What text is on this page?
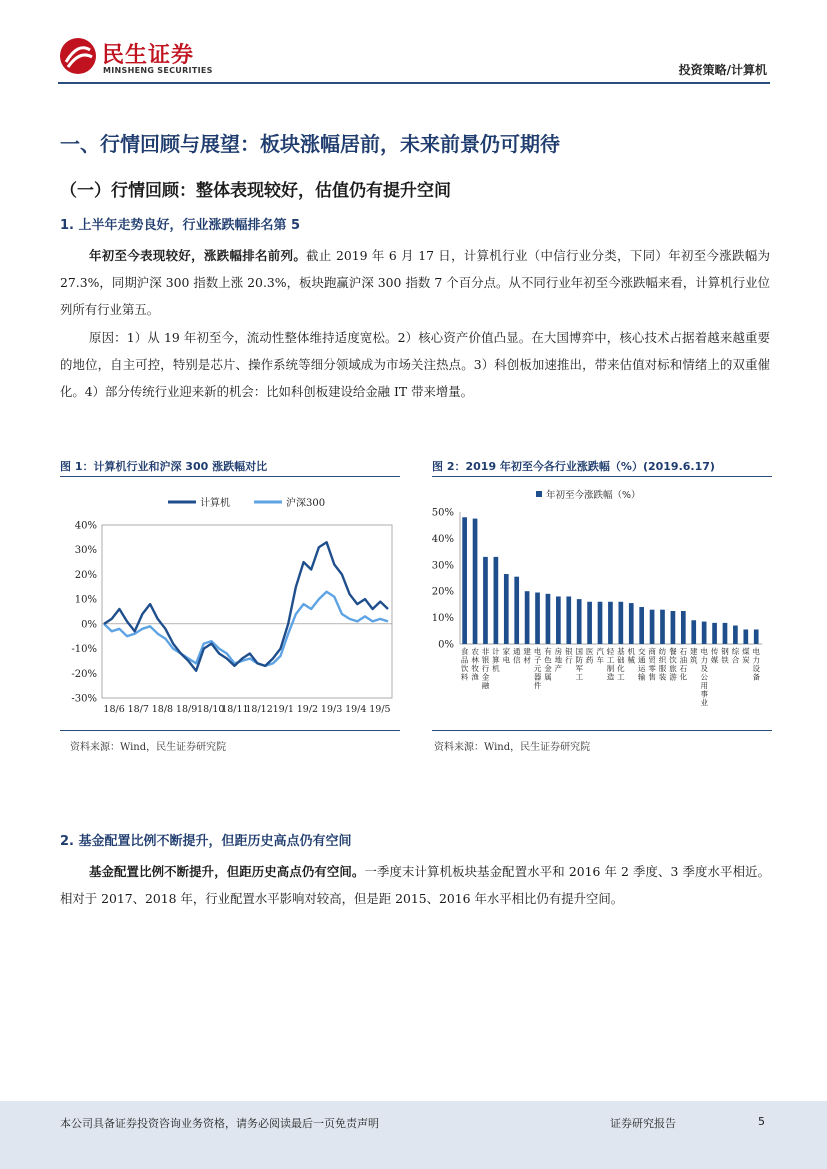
民生证券
MINSHENG SECURITIES	投资策略/计算机
一、行情回顾与展望：板块涨幅居前，未来前景仍可期待
（一）行情回顾：整体表现较好，估值仍有提升空间
1. 上半年走势良好，行业涨跌幅排名第 5
年初至今表现较好，涨跌幅排名前列。截止 2019 年 6 月 17 日，计算机行业（中信行业分类，下同）年初至今涨跌幅为 27.3%，同期沪深 300 指数上涨 20.3%，板块跑赢沪深 300 指数 7 个百分点。从不同行业年初至今涨跌幅来看，计算机行业位列所有行业第五。
原因：1）从 19 年初至今，流动性整体维持适度宽松。2）核心资产价值凸显。在大国博弈中，核心技术占据着越来越重要的地位，自主可控，特别是芯片、操作系统等细分领域成为市场关注热点。3）科创板加速推出，带来估值对标和情绪上的双重催化。4）部分传统行业迎来新的机会：比如科创板建设给金融 IT 带来增量。
图 1：计算机行业和沪深 300 涨跌幅对比
40%
30%
20%
10%
0%
-10%
-20%
-30%
18/6 18/7 18/8 18/9 18/10
18/11
18/12 19/1 19/2 19/3 19/4 19/5
计算机	沪深300
资料来源：Wind，民生证券研究院
图 2：2019 年初至今各行业涨跌幅（%）(2019.6.17)
年初至今涨跌幅（%）
50%
40%
30%
20%
10%
0%
食
品
饮
料
农
林
牧
渔
非
银
行
金
融
计
算
机
家
电
通
信
建
材
电
子
元
器
件
有
色
金
属
房
地
产
银
行
国
防
军
工
医
药
汽
车
轻
工
制
造
基
础
化
工
机
械
交
通
运
输
商
贸
零
售
纺
织
服
装
餐
饮
旅
游
石
油
石
化
建
筑
电
力
及
公
用
事
业
传
媒
钢
铁
综
合
煤
炭
电
力
设
备
资料来源：Wind，民生证券研究院
2. 基金配置比例不断提升，但距历史高点仍有空间
基金配置比例不断提升，但距历史高点仍有空间。一季度末计算机板块基金配置水平和 2016 年 2 季度、3 季度水平相近。相对于 2017、2018 年，行业配置水平影响对较高，但是距 2015、2016 年水平相比仍有提升空间。
本公司具备证券投资咨询业务资格，请务必阅读最后一页免责声明	证券研究报告	5
